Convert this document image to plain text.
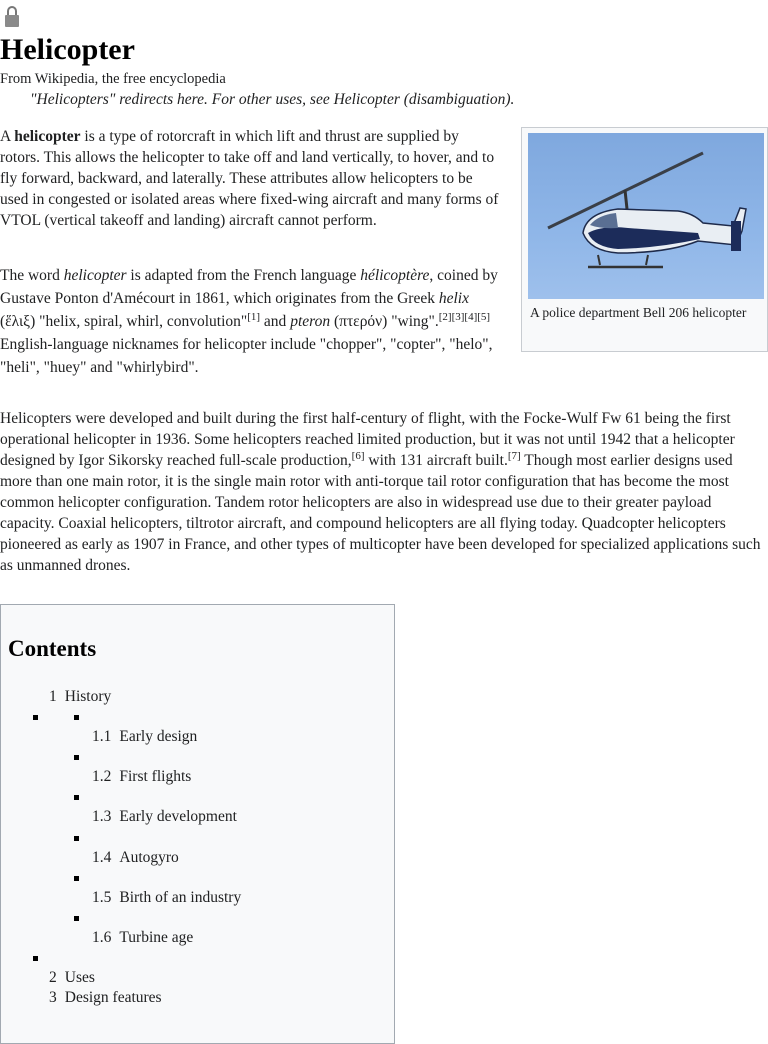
Helicopter
From Wikipedia, the free encyclopedia
"Helicopters" redirects here. For other uses, see Helicopter (disambiguation).

A helicopter is a type of rotorcraft in which lift and thrust are supplied by rotors. This allows the helicopter to take off and land vertically, to hover, and to fly forward, backward, and laterally. These attributes allow helicopters to be used in congested or isolated areas where fixed-wing aircraft and many forms of VTOL (vertical takeoff and landing) aircraft cannot perform.

The word helicopter is adapted from the French language hélicoptère, coined by Gustave Ponton d'Amécourt in 1861, which originates from the Greek helix (ἕλιξ) "helix, spiral, whirl, convolution"[1] and pteron (πτερόν) "wing".[2][3][4][5] English-language nicknames for helicopter include "chopper", "copter", "helo", "heli", "huey" and "whirlybird".

Helicopters were developed and built during the first half-century of flight, with the Focke-Wulf Fw 61 being the first operational helicopter in 1936. Some helicopters reached limited production, but it was not until 1942 that a helicopter designed by Igor Sikorsky reached full-scale production,[6] with 131 aircraft built.[7] Though most earlier designs used more than one main rotor, it is the single main rotor with anti-torque tail rotor configuration that has become the most common helicopter configuration. Tandem rotor helicopters are also in widespread use due to their greater payload capacity. Coaxial helicopters, tiltrotor aircraft, and compound helicopters are all flying today. Quadcopter helicopters pioneered as early as 1907 in France, and other types of multicopter have been developed for specialized applications such as unmanned drones.

A police department Bell 206 helicopter
Contents
1 History
1.1 Early design
1.2 First flights
1.3 Early development
1.4 Autogyro
1.5 Birth of an industry
1.6 Turbine age
2 Uses
3 Design features
